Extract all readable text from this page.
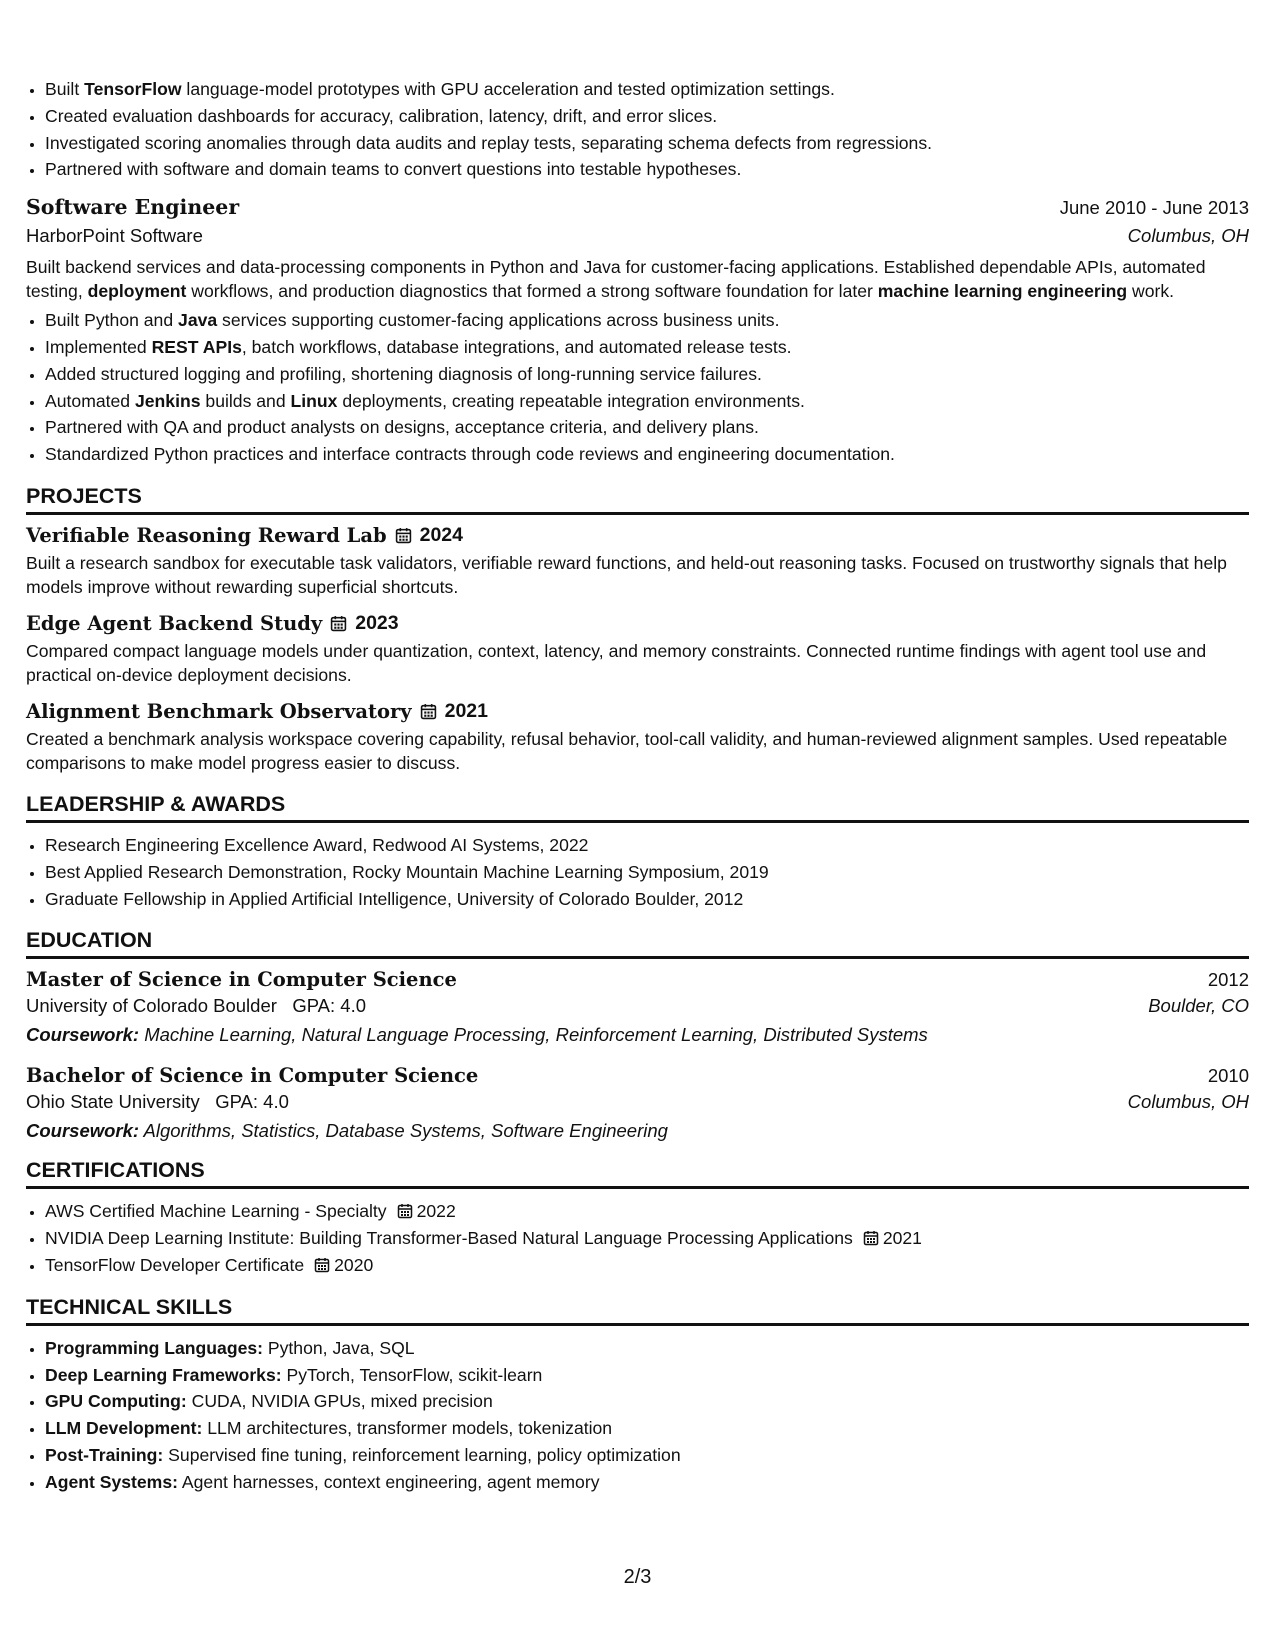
• Built TensorFlow language-model prototypes with GPU acceleration and tested optimization settings.
• Created evaluation dashboards for accuracy, calibration, latency, drift, and error slices.
• Investigated scoring anomalies through data audits and replay tests, separating schema defects from regressions.
• Partnered with software and domain teams to convert questions into testable hypotheses.
Software Engineer	June 2010 - June 2013
HarborPoint Software	Columbus, OH
Built backend services and data-processing components in Python and Java for customer-facing applications. Established dependable APIs, automated testing, deployment workflows, and production diagnostics that formed a strong software foundation for later machine learning engineering work.
• Built Python and Java services supporting customer-facing applications across business units.
• Implemented REST APIs, batch workflows, database integrations, and automated release tests.
• Added structured logging and profiling, shortening diagnosis of long-running service failures.
• Automated Jenkins builds and Linux deployments, creating repeatable integration environments.
• Partnered with QA and product analysts on designs, acceptance criteria, and delivery plans.
• Standardized Python practices and interface contracts through code reviews and engineering documentation.
PROJECTS
Verifiable Reasoning Reward Lab 2024
Built a research sandbox for executable task validators, verifiable reward functions, and held-out reasoning tasks. Focused on trustworthy signals that help models improve without rewarding superficial shortcuts.
Edge Agent Backend Study 2023
Compared compact language models under quantization, context, latency, and memory constraints. Connected runtime findings with agent tool use and practical on-device deployment decisions.
Alignment Benchmark Observatory 2021
Created a benchmark analysis workspace covering capability, refusal behavior, tool-call validity, and human-reviewed alignment samples. Used repeatable comparisons to make model progress easier to discuss.
LEADERSHIP & AWARDS
• Research Engineering Excellence Award, Redwood AI Systems, 2022
• Best Applied Research Demonstration, Rocky Mountain Machine Learning Symposium, 2019
• Graduate Fellowship in Applied Artificial Intelligence, University of Colorado Boulder, 2012
EDUCATION
Master of Science in Computer Science	2012
University of Colorado Boulder GPA: 4.0	Boulder, CO
Coursework: Machine Learning, Natural Language Processing, Reinforcement Learning, Distributed Systems
Bachelor of Science in Computer Science	2010
Ohio State University GPA: 4.0	Columbus, OH
Coursework: Algorithms, Statistics, Database Systems, Software Engineering
CERTIFICATIONS
• AWS Certified Machine Learning - Specialty 2022
• NVIDIA Deep Learning Institute: Building Transformer-Based Natural Language Processing Applications 2021
• TensorFlow Developer Certificate 2020
TECHNICAL SKILLS
• Programming Languages: Python, Java, SQL
• Deep Learning Frameworks: PyTorch, TensorFlow, scikit-learn
• GPU Computing: CUDA, NVIDIA GPUs, mixed precision
• LLM Development: LLM architectures, transformer models, tokenization
• Post-Training: Supervised fine tuning, reinforcement learning, policy optimization
• Agent Systems: Agent harnesses, context engineering, agent memory
2/3
